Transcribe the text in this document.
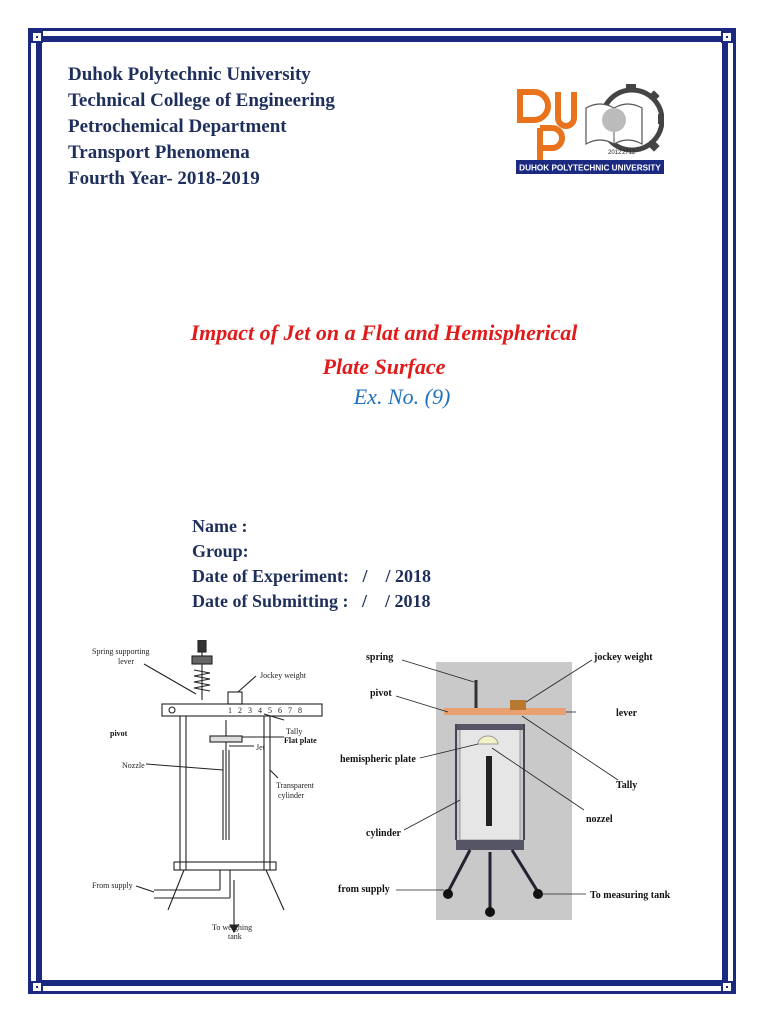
Duhok Polytechnic University
Technical College of Engineering
Petrochemical Department
Transport Phenomena
Fourth Year- 2018-2019
2012 2712
DUHOK POLYTECHNIC UNIVERSITY
Impact of Jet on a Flat and Hemispherical
Plate Surface
Ex. No. (9)
Name :
Group:
Date of Experiment:   /    / 2018
Date of Submitting :   /    / 2018
1 2 3 4 5 6 7 8
Spring supporting
lever
Jockey weight
pivot	Tally
Flat plate
Jet
Nozzle
Transparent
cylinder
From supply
To weighing
tank
spring	jockey weight
pivot
lever
hemispheric plate
Tally
nozzel
cylinder
from supply
To measuring tank
